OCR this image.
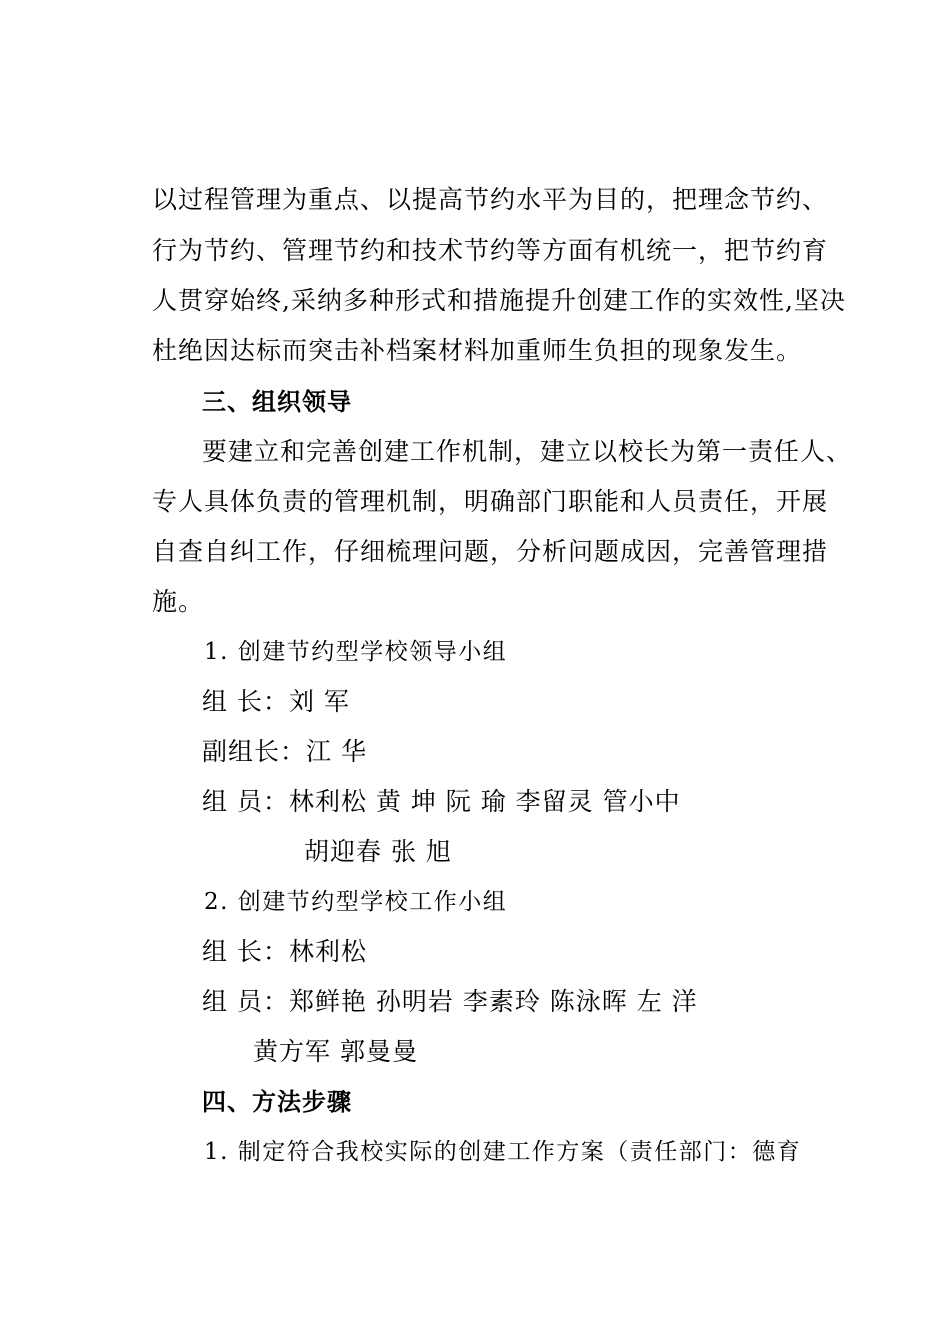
以过程管理为重点、以提高节约水平为目的，把理念节约、
行为节约、管理节约和技术节约等方面有机统一，把节约育
人贯穿始终,采纳多种形式和措施提升创建工作的实效性,坚决
杜绝因达标而突击补档案材料加重师生负担的现象发生。
三、组织领导
要建立和完善创建工作机制，建立以校长为第一责任人、
专人具体负责的管理机制，明确部门职能和人员责任，开展
自查自纠工作，仔细梳理问题，分析问题成因，完善管理措
施。
1. 创建节约型学校领导小组
组 长：刘 军
副组长：江 华
组 员：林利松 黄 坤 阮 瑜 李留灵 管小中
胡迎春 张 旭
2. 创建节约型学校工作小组
组 长：林利松
组 员：郑鲜艳 孙明岩 李素玲 陈泳晖 左 洋
黄方军 郭曼曼
四、方法步骤
1. 制定符合我校实际的创建工作方案（责任部门：德育
